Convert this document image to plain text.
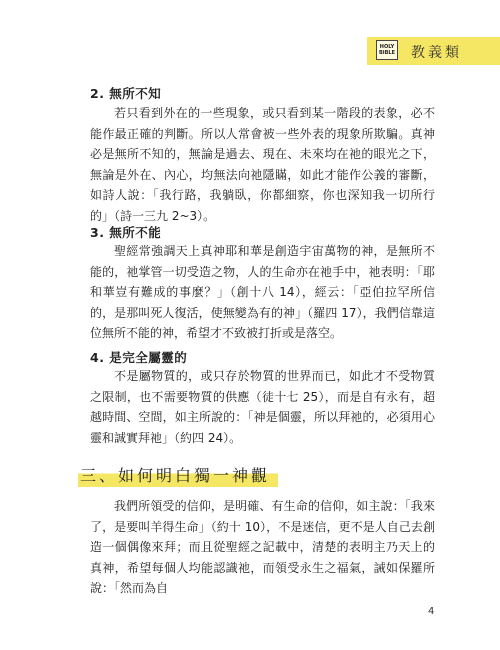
HOLY BIBLE 教義類
2. 無所不知

若只看到外在的一些現象，或只看到某一階段的表象，必不能作最正確的判斷。所以人常會被一些外表的現象所欺騙。真神必是無所不知的，無論是過去、現在、未來均在祂的眼光之下，無論是外在、內心，均無法向祂隱瞞，如此才能作公義的審斷，如詩人說：「我行路，我躺臥，你都細察，你也深知我一切所行的」（詩一三九 2~3）。

3. 無所不能

聖經常強調天上真神耶和華是創造宇宙萬物的神，是無所不能的，祂掌管一切受造之物，人的生命亦在祂手中，祂表明：「耶和華豈有難成的事麼？」（創十八 14），經云：「亞伯拉罕所信的，是那叫死人復活，使無變為有的神」（羅四 17），我們信靠這位無所不能的神，希望才不致被打折或是落空。

4. 是完全屬靈的

不是屬物質的，或只存於物質的世界而已，如此才不受物質之限制，也不需要物質的供應（徒十七 25），而是自有永有，超越時間、空間，如主所說的：「神是個靈，所以拜祂的，必須用心靈和誠實拜祂」（約四 24）。

三、如何明白獨一神觀

我們所領受的信仰，是明確、有生命的信仰，如主說：「我來了，是要叫羊得生命」（約十 10），不是迷信，更不是人自己去創造一個偶像來拜；而且從聖經之記載中，清楚的表明主乃天上的真神，希望每個人均能認識祂，而領受永生之福氣，誡如保羅所說：「然而為自

4
